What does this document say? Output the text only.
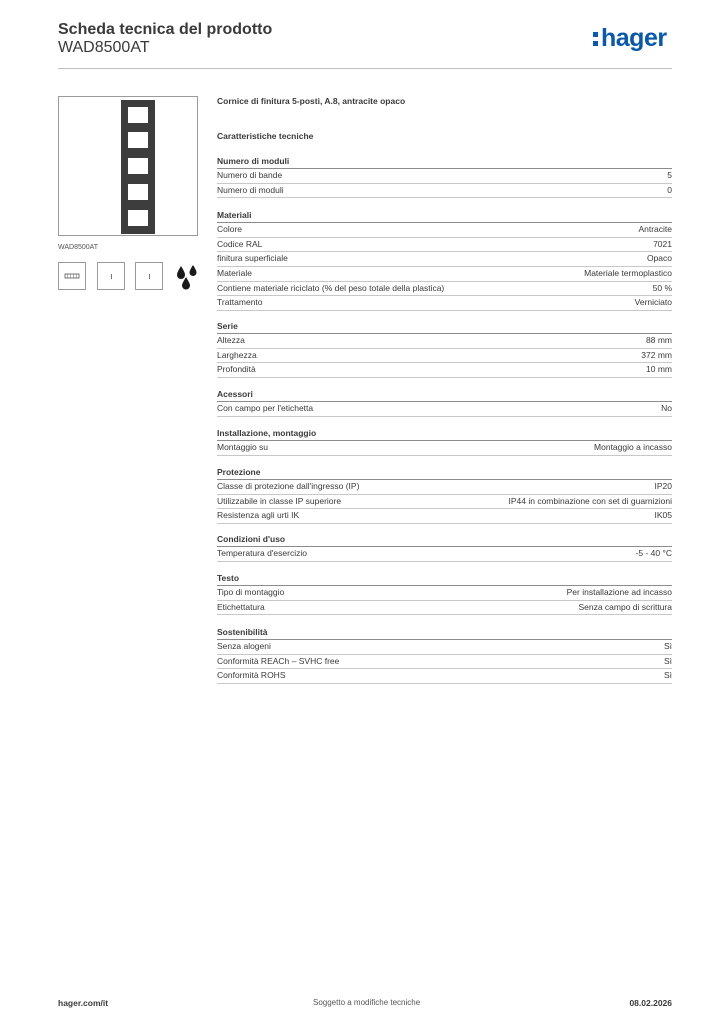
Scheda tecnica del prodotto
WAD8500AT	hager
WAD8500AT
Cornice di finitura 5-posti, A.8, antracite opaco
Caratteristiche tecniche
Numero di moduli
Numero di bande	5
Numero di moduli	0
Materiali
Colore	Antracite
Codice RAL	7021
finitura superficiale	Opaco
Materiale	Materiale termoplastico
Contiene materiale riciclato (% del peso totale della plastica)	50 %
Trattamento	Verniciato
Serie
Altezza	88 mm
Larghezza	372 mm
Profondità	10 mm
Acessori
Con campo per l'etichetta	No
Installazione, montaggio
Montaggio su	Montaggio a incasso
Protezione
Classe di protezione dall'ingresso (IP)	IP20
Utilizzabile in classe IP superiore	IP44 in combinazione con set di guarnizioni
Resistenza agli urti IK	IK05
Condizioni d'uso
Temperatura d'esercizio	-5 - 40 °C
Testo
Tipo di montaggio	Per installazione ad incasso
Etichettatura	Senza campo di scrittura
Sostenibilità
Senza alogeni	Sì
Conformità REACh – SVHC free	Sì
Conformità ROHS	Sì
hager.com/it	Soggetto a modifiche tecniche	08.02.2026
